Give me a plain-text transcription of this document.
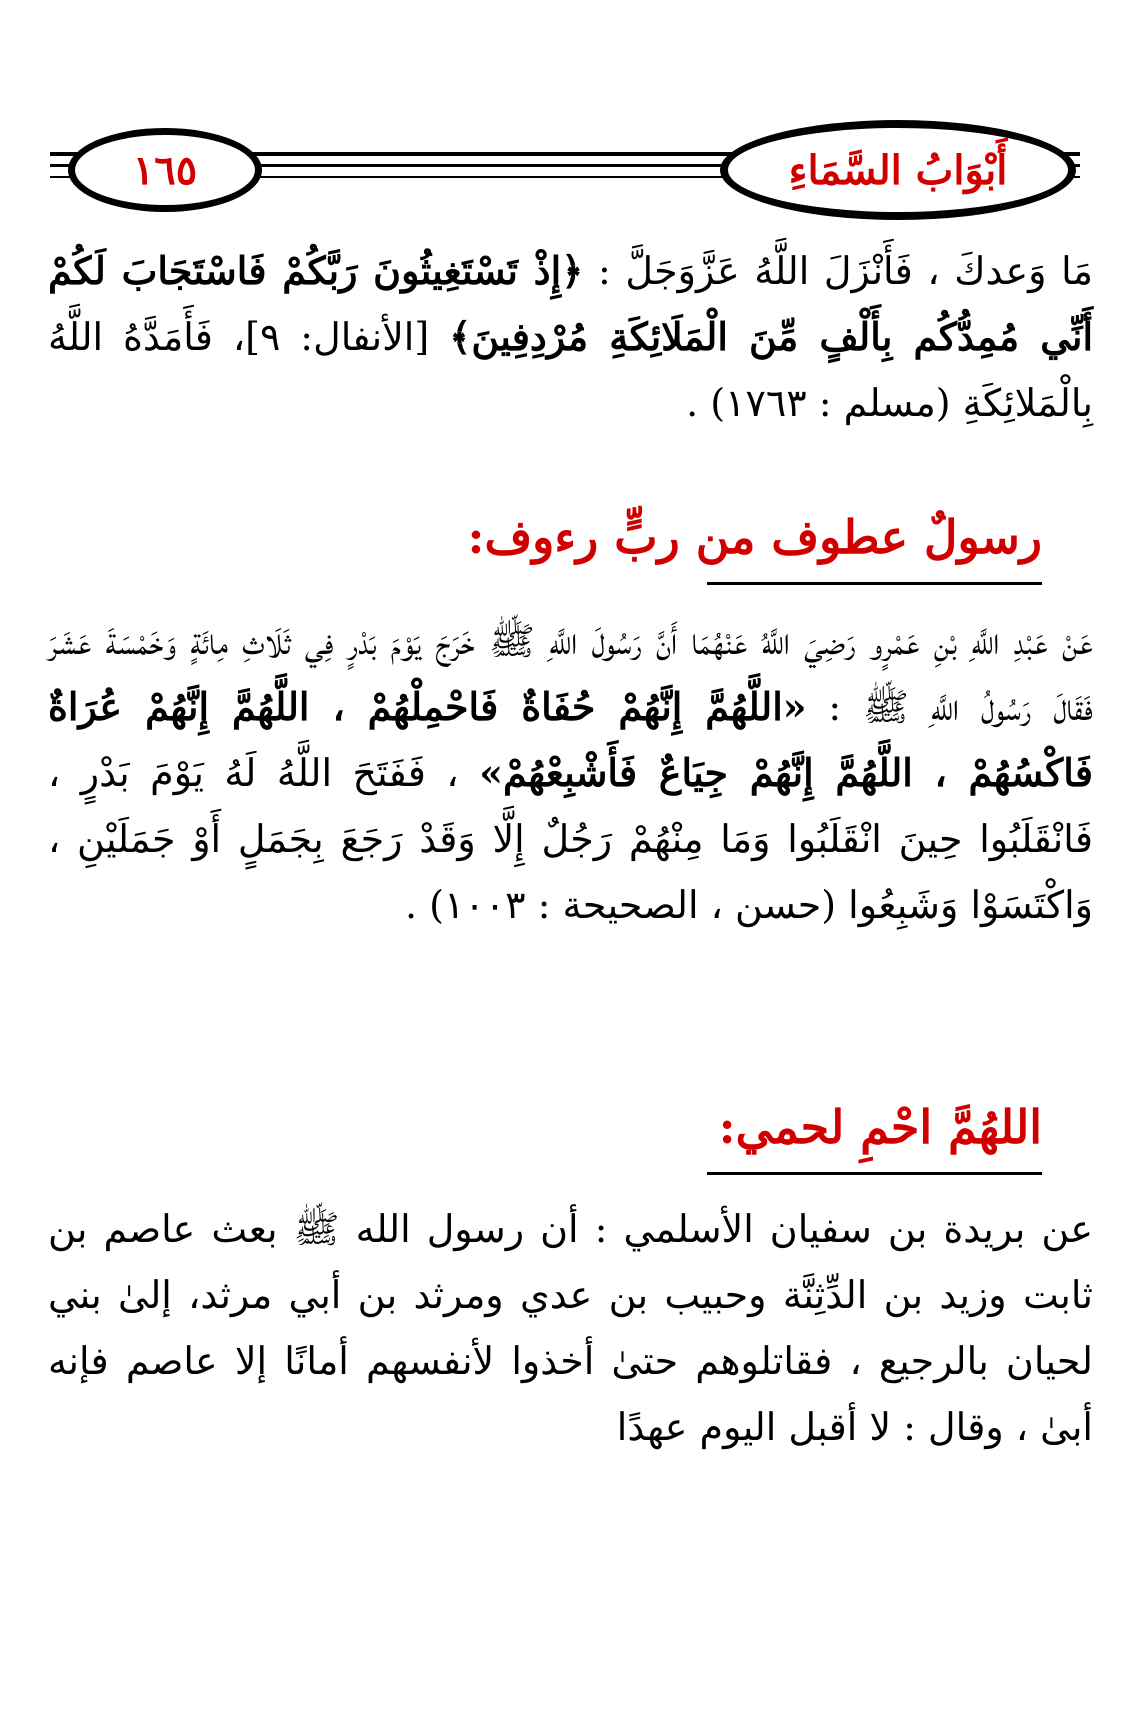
١٦٥	أَبْوَابُ السَّمَاءِ
مَا وَعدكَ ، فَأَنْزَلَ اللَّهُ عَزَّوَجَلَّ : ﴿إِذْ تَسْتَغِيثُونَ رَبَّكُمْ فَاسْتَجَابَ لَكُمْ أَنِّي مُمِدُّكُم بِأَلْفٍ مِّنَ الْمَلَائِكَةِ مُرْدِفِينَ﴾ [الأنفال: ٩]، فَأَمَدَّهُ اللَّهُ بِالْمَلائِكَةِ (مسلم : ١٧٦٣) .
رسولٌ عطوف من ربٍّ رءوف:
عَنْ عَبْدِ اللَّهِ بْنِ عَمْرٍو رَضِيَ اللَّهُ عَنْهُمَا أَنَّ رَسُولَ اللَّهِ ﷺ خَرَجَ يَوْمَ بَدْرٍ فِي ثَلَاثِ مِائَةٍ وَخَمْسَةَ عَشَرَ فَقَالَ رَسُولُ اللَّهِ ﷺ : «اللَّهُمَّ إِنَّهُمْ حُفَاةٌ فَاحْمِلْهُمْ ، اللَّهُمَّ إِنَّهُمْ عُرَاةٌ فَاكْسُهُمْ ، اللَّهُمَّ إِنَّهُمْ جِيَاعٌ فَأَشْبِعْهُمْ» ، فَفَتَحَ اللَّهُ لَهُ يَوْمَ بَدْرٍ ، فَانْقَلَبُوا حِينَ انْقَلَبُوا وَمَا مِنْهُمْ رَجُلٌ إِلَّا وَقَدْ رَجَعَ بِجَمَلٍ أَوْ جَمَلَيْنِ ، وَاكْتَسَوْا وَشَبِعُوا (حسن ، الصحيحة : ١٠٠٣) .
اللهُمَّ احْمِ لحمي:
عن بريدة بن سفيان الأسلمي : أن رسول الله ﷺ بعث عاصم بن ثابت وزيد بن الدِّثِنَّة وحبيب بن عدي ومرثد بن أبي مرثد، إلىٰ بني لحيان بالرجيع ، فقاتلوهم حتىٰ أخذوا لأنفسهم أمانًا إلا عاصم فإنه أبىٰ ، وقال : لا أقبل اليوم عهدًا
